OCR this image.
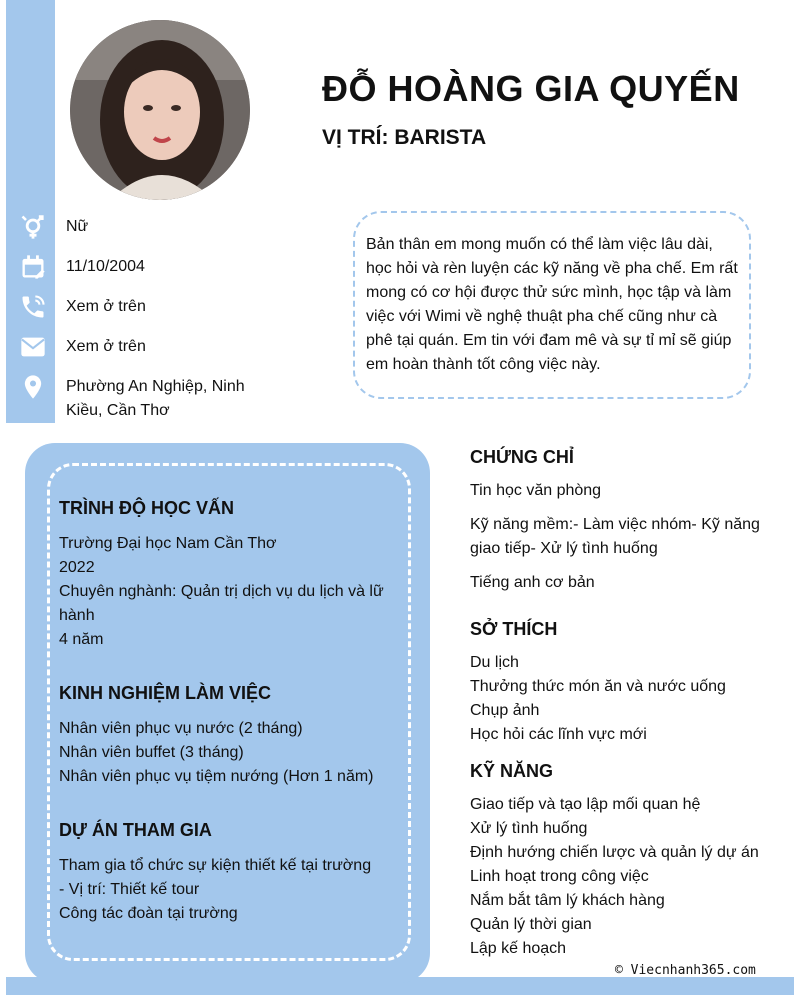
ĐỖ HOÀNG GIA QUYẾN
VỊ TRÍ: BARISTA
Nữ
11/10/2004
Xem ở trên
Xem ở trên
Phường An Nghiệp, Ninh Kiều, Cần Thơ
Bản thân em mong muốn có thể làm việc lâu dài, học hỏi và rèn luyện các kỹ năng về pha chế. Em rất mong có cơ hội được thử sức mình, học tập và làm việc với Wimi về nghệ thuật pha chế cũng như cà phê tại quán. Em tin với đam mê và sự tỉ mỉ sẽ giúp em hoàn thành tốt công việc này.
TRÌNH ĐỘ HỌC VẤN
Trường Đại học Nam Cần Thơ
2022
Chuyên nghành: Quản trị dịch vụ du lịch và lữ hành
4 năm
KINH NGHIỆM LÀM VIỆC
Nhân viên phục vụ nước (2 tháng)
Nhân viên buffet (3 tháng)
Nhân viên phục vụ tiệm nướng (Hơn 1 năm)
DỰ ÁN THAM GIA
Tham gia tổ chức sự kiện thiết kế tại trường
- Vị trí: Thiết kế tour
Công tác đoàn tại trường
CHỨNG CHỈ
Tin học văn phòng
Kỹ năng mềm:- Làm việc nhóm- Kỹ năng giao tiếp- Xử lý tình huống
Tiếng anh cơ bản
SỞ THÍCH
Du lịch
Thưởng thức món ăn và nước uống
Chụp ảnh
Học hỏi các lĩnh vực mới
KỸ NĂNG
Giao tiếp và tạo lập mối quan hệ
Xử lý tình huống
Định hướng chiến lược và quản lý dự án
Linh hoạt trong công việc
Nắm bắt tâm lý khách hàng
Quản lý thời gian
Lập kế hoạch
© Viecnhanh365.com
